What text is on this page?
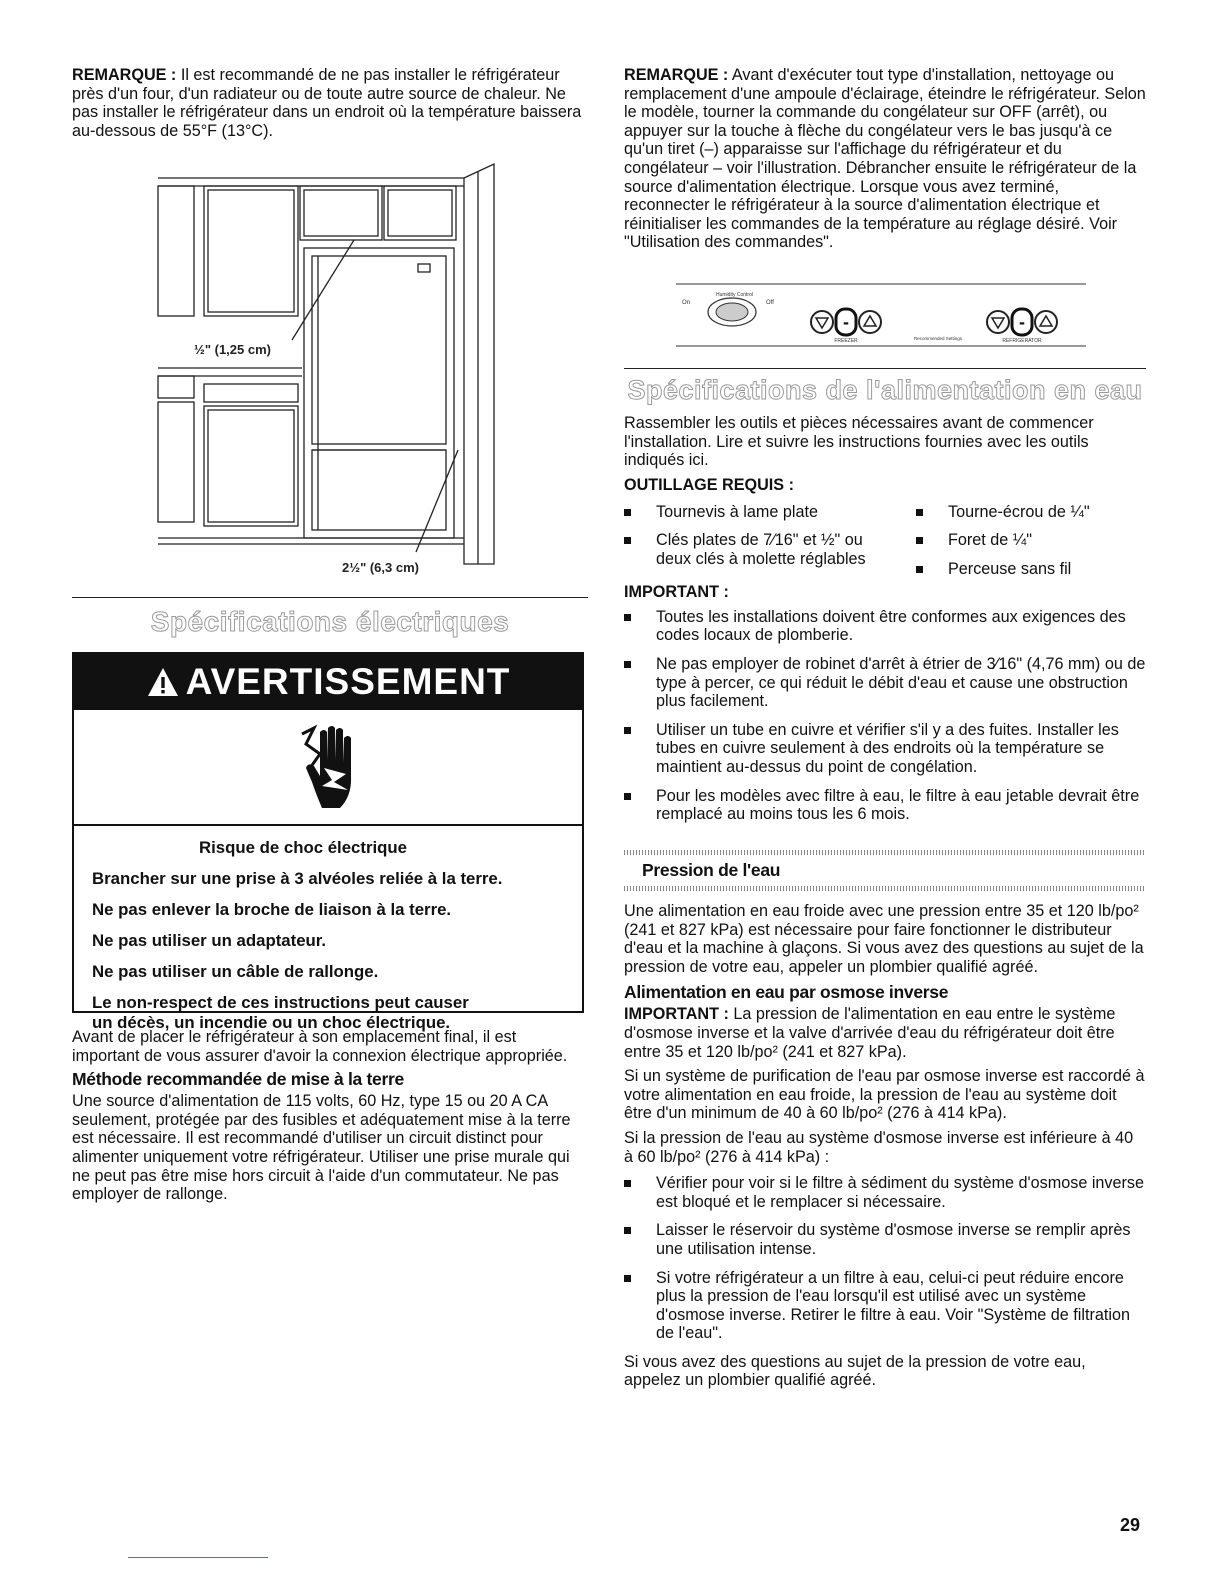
REMARQUE : Il est recommandé de ne pas installer le réfrigérateur près d'un four, d'un radiateur ou de toute autre source de chaleur. Ne pas installer le réfrigérateur dans un endroit où la température baissera au-dessous de 55°F (13°C).

½" (1,25 cm)
2½" (6,3 cm)
Spécifications électriques
AVERTISSEMENT
Risque de choc électrique
Brancher sur une prise à 3 alvéoles reliée à la terre.
Ne pas enlever la broche de liaison à la terre.
Ne pas utiliser un adaptateur.
Ne pas utiliser un câble de rallonge.
Le non-respect de ces instructions peut causer
un décès, un incendie ou un choc électrique.

Avant de placer le réfrigérateur à son emplacement final, il est important de vous assurer d'avoir la connexion électrique appropriée.

Méthode recommandée de mise à la terre

Une source d'alimentation de 115 volts, 60 Hz, type 15 ou 20 A CA seulement, protégée par des fusibles et adéquatement mise à la terre est nécessaire. Il est recommandé d'utiliser un circuit distinct pour alimenter uniquement votre réfrigérateur. Utiliser une prise murale qui ne peut pas être mise hors circuit à l'aide d'un commutateur. Ne pas employer de rallonge.

REMARQUE : Avant d'exécuter tout type d'installation, nettoyage ou remplacement d'une ampoule d'éclairage, éteindre le réfrigérateur. Selon le modèle, tourner la commande du congélateur sur OFF (arrêt), ou appuyer sur la touche à flèche du congélateur vers le bas jusqu'à ce qu'un tiret (–) apparaisse sur l'affichage du réfrigérateur et du congélateur – voir l'illustration. Débrancher ensuite le réfrigérateur de la source d'alimentation électrique. Lorsque vous avez terminé, reconnecter le réfrigérateur à la source d'alimentation électrique et réinitialiser les commandes de la température au réglage désiré. Voir "Utilisation des commandes".

Humidity Control
On	Off
-
FREEZER	Recommended Settings
-
REFRIGERATOR
Spécifications de l'alimentation en eau

Rassembler les outils et pièces nécessaires avant de commencer l'installation. Lire et suivre les instructions fournies avec les outils indiqués ici.

OUTILLAGE REQUIS :
Tournevis à lame plate
Clés plates de 7⁄16" et ½" ou deux clés à molette réglables
Tourne-écrou de ¼"
Foret de ¼"
Perceuse sans fil
IMPORTANT :
Toutes les installations doivent être conformes aux exigences des codes locaux de plomberie.
Ne pas employer de robinet d'arrêt à étrier de 3⁄16" (4,76 mm) ou de type à percer, ce qui réduit le débit d'eau et cause une obstruction plus facilement.
Utiliser un tube en cuivre et vérifier s'il y a des fuites. Installer les tubes en cuivre seulement à des endroits où la température se maintient au-dessus du point de congélation.
Pour les modèles avec filtre à eau, le filtre à eau jetable devrait être remplacé au moins tous les 6 mois.
Pression de l'eau

Une alimentation en eau froide avec une pression entre 35 et 120 lb/po² (241 et 827 kPa) est nécessaire pour faire fonctionner le distributeur d'eau et la machine à glaçons. Si vous avez des questions au sujet de la pression de votre eau, appeler un plombier qualifié agréé.

Alimentation en eau par osmose inverse

IMPORTANT : La pression de l'alimentation en eau entre le système d'osmose inverse et la valve d'arrivée d'eau du réfrigérateur doit être entre 35 et 120 lb/po² (241 et 827 kPa).

Si un système de purification de l'eau par osmose inverse est raccordé à votre alimentation en eau froide, la pression de l'eau au système doit être d'un minimum de 40 à 60 lb/po² (276 à 414 kPa).

Si la pression de l'eau au système d'osmose inverse est inférieure à 40 à 60 lb/po² (276 à 414 kPa) :

Vérifier pour voir si le filtre à sédiment du système d'osmose inverse est bloqué et le remplacer si nécessaire.
Laisser le réservoir du système d'osmose inverse se remplir après une utilisation intense.
Si votre réfrigérateur a un filtre à eau, celui-ci peut réduire encore plus la pression de l'eau lorsqu'il est utilisé avec un système d'osmose inverse. Retirer le filtre à eau. Voir "Système de filtration de l'eau".

Si vous avez des questions au sujet de la pression de votre eau, appelez un plombier qualifié agréé.

29
